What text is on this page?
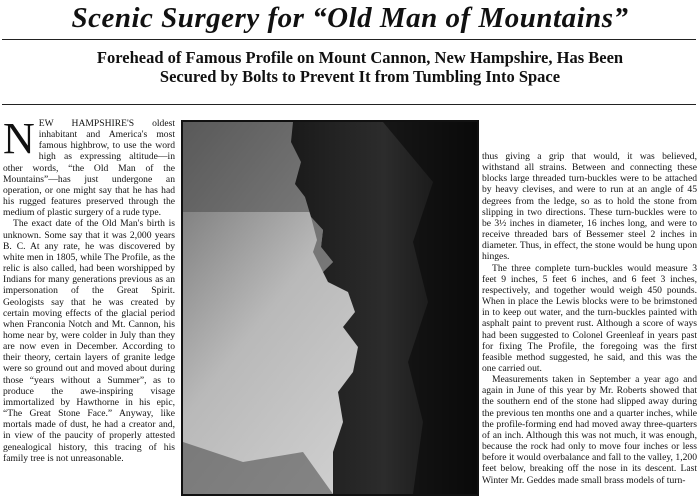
Scenic Surgery for “Old Man of Mountains”
Forehead of Famous Profile on Mount Cannon, New Hampshire, Has Been Secured by Bolts to Prevent It from Tumbling Into Space

NEW HAMPSHIRE'S oldest inhabitant and America's most famous highbrow, to use the word high as expressing altitude—in other words, “the Old Man of the Mountains”—has just undergone an operation, or one might say that he has had his rugged features preserved through the medium of plastic surgery of a rude type.

The exact date of the Old Man's birth is unknown. Some say that it was 2,000 years B. C. At any rate, he was discovered by white men in 1805, while The Profile, as the relic is also called, had been worshipped by Indians for many generations previous as an impersonation of the Great Spirit. Geologists say that he was created by certain moving effects of the glacial period when Franconia Notch and Mt. Cannon, his home near by, were colder in July than they are now even in December. According to their theory, certain layers of granite ledge were so ground out and moved about during those “years without a Summer”, as to produce the awe-inspiring visage immortalized by Hawthorne in his epic, “The Great Stone Face.” Anyway, like mortals made of dust, he had a creator and, in view of the paucity of properly attested genealogical history, this tracing of his family tree is not unreasonable.

thus giving a grip that would, it was believed, withstand all strains. Between and connecting these blocks large threaded turn-buckles were to be attached by heavy clevises, and were to run at an angle of 45 degrees from the ledge, so as to hold the stone from slipping in two directions. These turn-buckles were to be 3½ inches in diameter, 16 inches long, and were to receive threaded bars of Bessemer steel 2 inches in diameter. Thus, in effect, the stone would be hung upon hinges.

The three complete turn-buckles would measure 3 feet 9 inches, 5 feet 6 inches, and 6 feet 3 inches, respectively, and together would weigh 450 pounds. When in place the Lewis blocks were to be brimstoned in to keep out water, and the turn-buckles painted with asphalt paint to prevent rust. Although a score of ways had been suggested to Colonel Greenleaf in years past for fixing The Profile, the foregoing was the first feasible method suggested, he said, and this was the one carried out.

Measurements taken in September a year ago and again in June of this year by Mr. Roberts showed that the southern end of the stone had slipped away during the previous ten months one and a quarter inches, while the profile-forming end had moved away three-quarters of an inch. Although this was not much, it was enough, because the rock had only to move four inches or less before it would overbalance and fall to the valley, 1,200 feet below, breaking off the nose in its descent. Last Winter Mr. Geddes made small brass models of turn-
